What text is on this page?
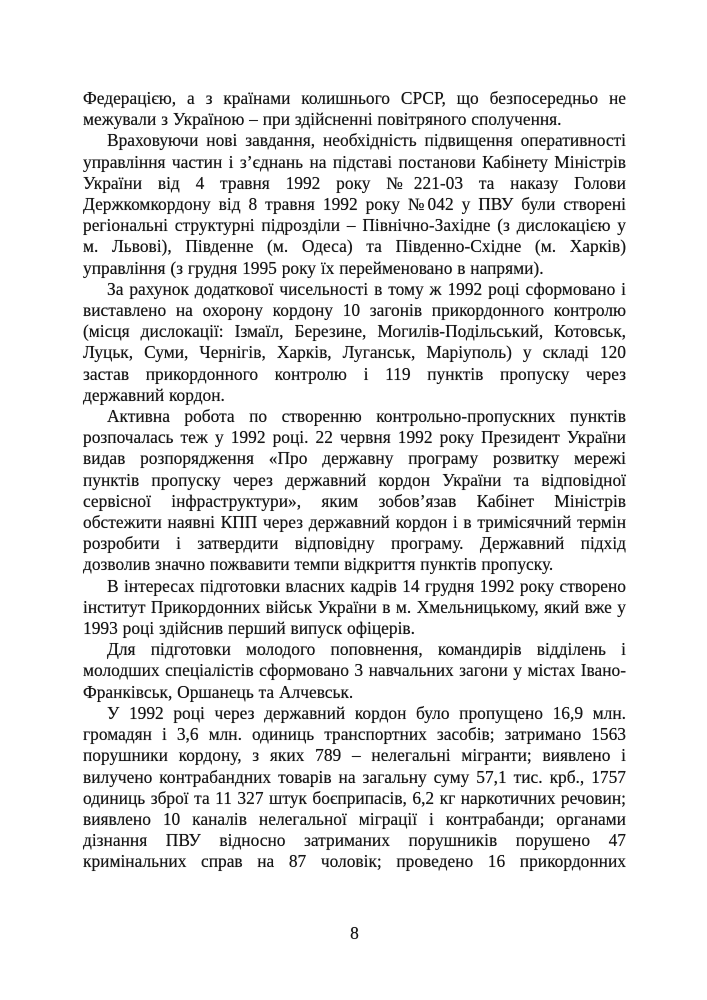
Федерацією, а з країнами колишнього СРСР, що безпосередньо не межували з Україною – при здійсненні повітряного сполучення.

Враховуючи нові завдання, необхідність підвищення оперативності управління частин і з’єднань на підставі постанови Кабінету Міністрів України від 4 травня 1992 року №221-03 та наказу Голови Держкомкордону від 8 травня 1992 року №042 у ПВУ були створені регіональні структурні підрозділи – Північно-Західне (з дислокацією у м. Львові), Південне (м. Одеса) та Південно-Східне (м. Харків) управління (з грудня 1995 року їх перейменовано в напрями).

За рахунок додаткової чисельності в тому ж 1992 році сформовано і виставлено на охорону кордону 10 загонів прикордонного контролю (місця дислокації: Ізмаїл, Березине, Могилів-Подільський, Котовськ, Луцьк, Суми, Чернігів, Харків, Луганськ, Маріуполь) у складі 120 застав прикордонного контролю і 119 пунктів пропуску через державний кордон.

Активна робота по створенню контрольно-пропускних пунктів розпочалась теж у 1992 році. 22 червня 1992 року Президент України видав розпорядження «Про державну програму розвитку мережі пунктів пропуску через державний кордон України та відповідної сервісної інфраструктури», яким зобов’язав Кабінет Міністрів обстежити наявні КПП через державний кордон і в тримісячний термін розробити і затвердити відповідну програму. Державний підхід дозволив значно пожвавити темпи відкриття пунктів пропуску.

В інтересах підготовки власних кадрів 14 грудня 1992 року створено інститут Прикордонних військ України в м. Хмельницькому, який вже у 1993 році здійснив перший випуск офіцерів.

Для підготовки молодого поповнення, командирів відділень і молодших спеціалістів сформовано 3 навчальних загони у містах Івано-Франківськ, Оршанець та Алчевськ.

У 1992 році через державний кордон було пропущено 16,9 млн. громадян і 3,6 млн. одиниць транспортних засобів; затримано 1563 порушники кордону, з яких 789 – нелегальні мігранти; виявлено і вилучено контрабандних товарів на загальну суму 57,1 тис. крб., 1757 одиниць зброї та 11 327 штук боєприпасів, 6,2 кг наркотичних речовин; виявлено 10 каналів нелегальної міграції і контрабанди; органами дізнання ПВУ відносно затриманих порушників порушено 47 кримінальних справ на 87 чоловік; проведено 16 прикордонних

8
